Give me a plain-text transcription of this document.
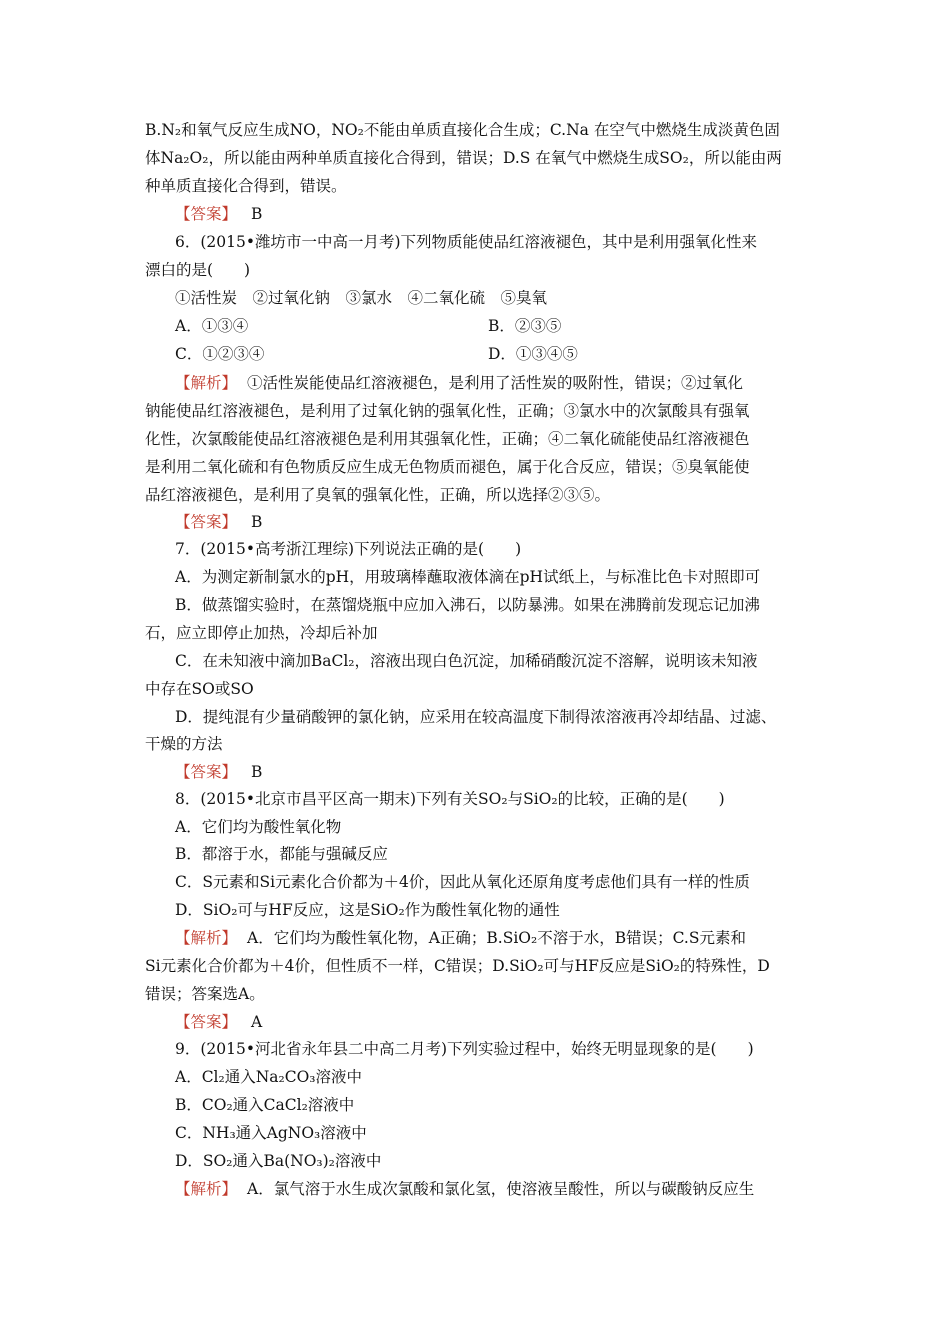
B.N₂和氧气反应生成NO，NO₂不能由单质直接化合生成；C.Na 在空气中燃烧生成淡黄色固
体Na₂O₂，所以能由两种单质直接化合得到，错误；D.S 在氧气中燃烧生成SO₂，所以能由两
种单质直接化合得到，错误。
【答案】 B
6．(2015•潍坊市一中高一月考)下列物质能使品红溶液褪色，其中是利用强氧化性来
漂白的是(　　)
①活性炭　②过氧化钠　③氯水　④二氧化硫　⑤臭氧
A．①③④	B．②③⑤
C．①②③④	D．①③④⑤
【解析】 ①活性炭能使品红溶液褪色，是利用了活性炭的吸附性，错误；②过氧化
钠能使品红溶液褪色，是利用了过氧化钠的强氧化性，正确；③氯水中的次氯酸具有强氧
化性，次氯酸能使品红溶液褪色是利用其强氧化性，正确；④二氧化硫能使品红溶液褪色
是利用二氧化硫和有色物质反应生成无色物质而褪色，属于化合反应，错误；⑤臭氧能使
品红溶液褪色，是利用了臭氧的强氧化性，正确，所以选择②③⑤。
【答案】 B
7．(2015•高考浙江理综)下列说法正确的是(　　)
A．为测定新制氯水的pH，用玻璃棒蘸取液体滴在pH试纸上，与标准比色卡对照即可
B．做蒸馏实验时，在蒸馏烧瓶中应加入沸石，以防暴沸。如果在沸腾前发现忘记加沸
石，应立即停止加热，冷却后补加
C．在未知液中滴加BaCl₂，溶液出现白色沉淀，加稀硝酸沉淀不溶解，说明该未知液
中存在SO或SO
D．提纯混有少量硝酸钾的氯化钠，应采用在较高温度下制得浓溶液再冷却结晶、过滤、
干燥的方法
【答案】 B
8．(2015•北京市昌平区高一期末)下列有关SO₂与SiO₂的比较，正确的是(　　)
A．它们均为酸性氧化物
B．都溶于水，都能与强碱反应
C．S元素和Si元素化合价都为＋4价，因此从氧化还原角度考虑他们具有一样的性质
D．SiO₂可与HF反应，这是SiO₂作为酸性氧化物的通性
【解析】 A．它们均为酸性氧化物，A正确；B.SiO₂不溶于水，B错误；C.S元素和
Si元素化合价都为＋4价，但性质不一样，C错误；D.SiO₂可与HF反应是SiO₂的特殊性，D
错误；答案选A。
【答案】 A
9．(2015•河北省永年县二中高二月考)下列实验过程中，始终无明显现象的是(　　)
A．Cl₂通入Na₂CO₃溶液中
B．CO₂通入CaCl₂溶液中
C．NH₃通入AgNO₃溶液中
D．SO₂通入Ba(NO₃)₂溶液中
【解析】 A．氯气溶于水生成次氯酸和氯化氢，使溶液呈酸性，所以与碳酸钠反应生
